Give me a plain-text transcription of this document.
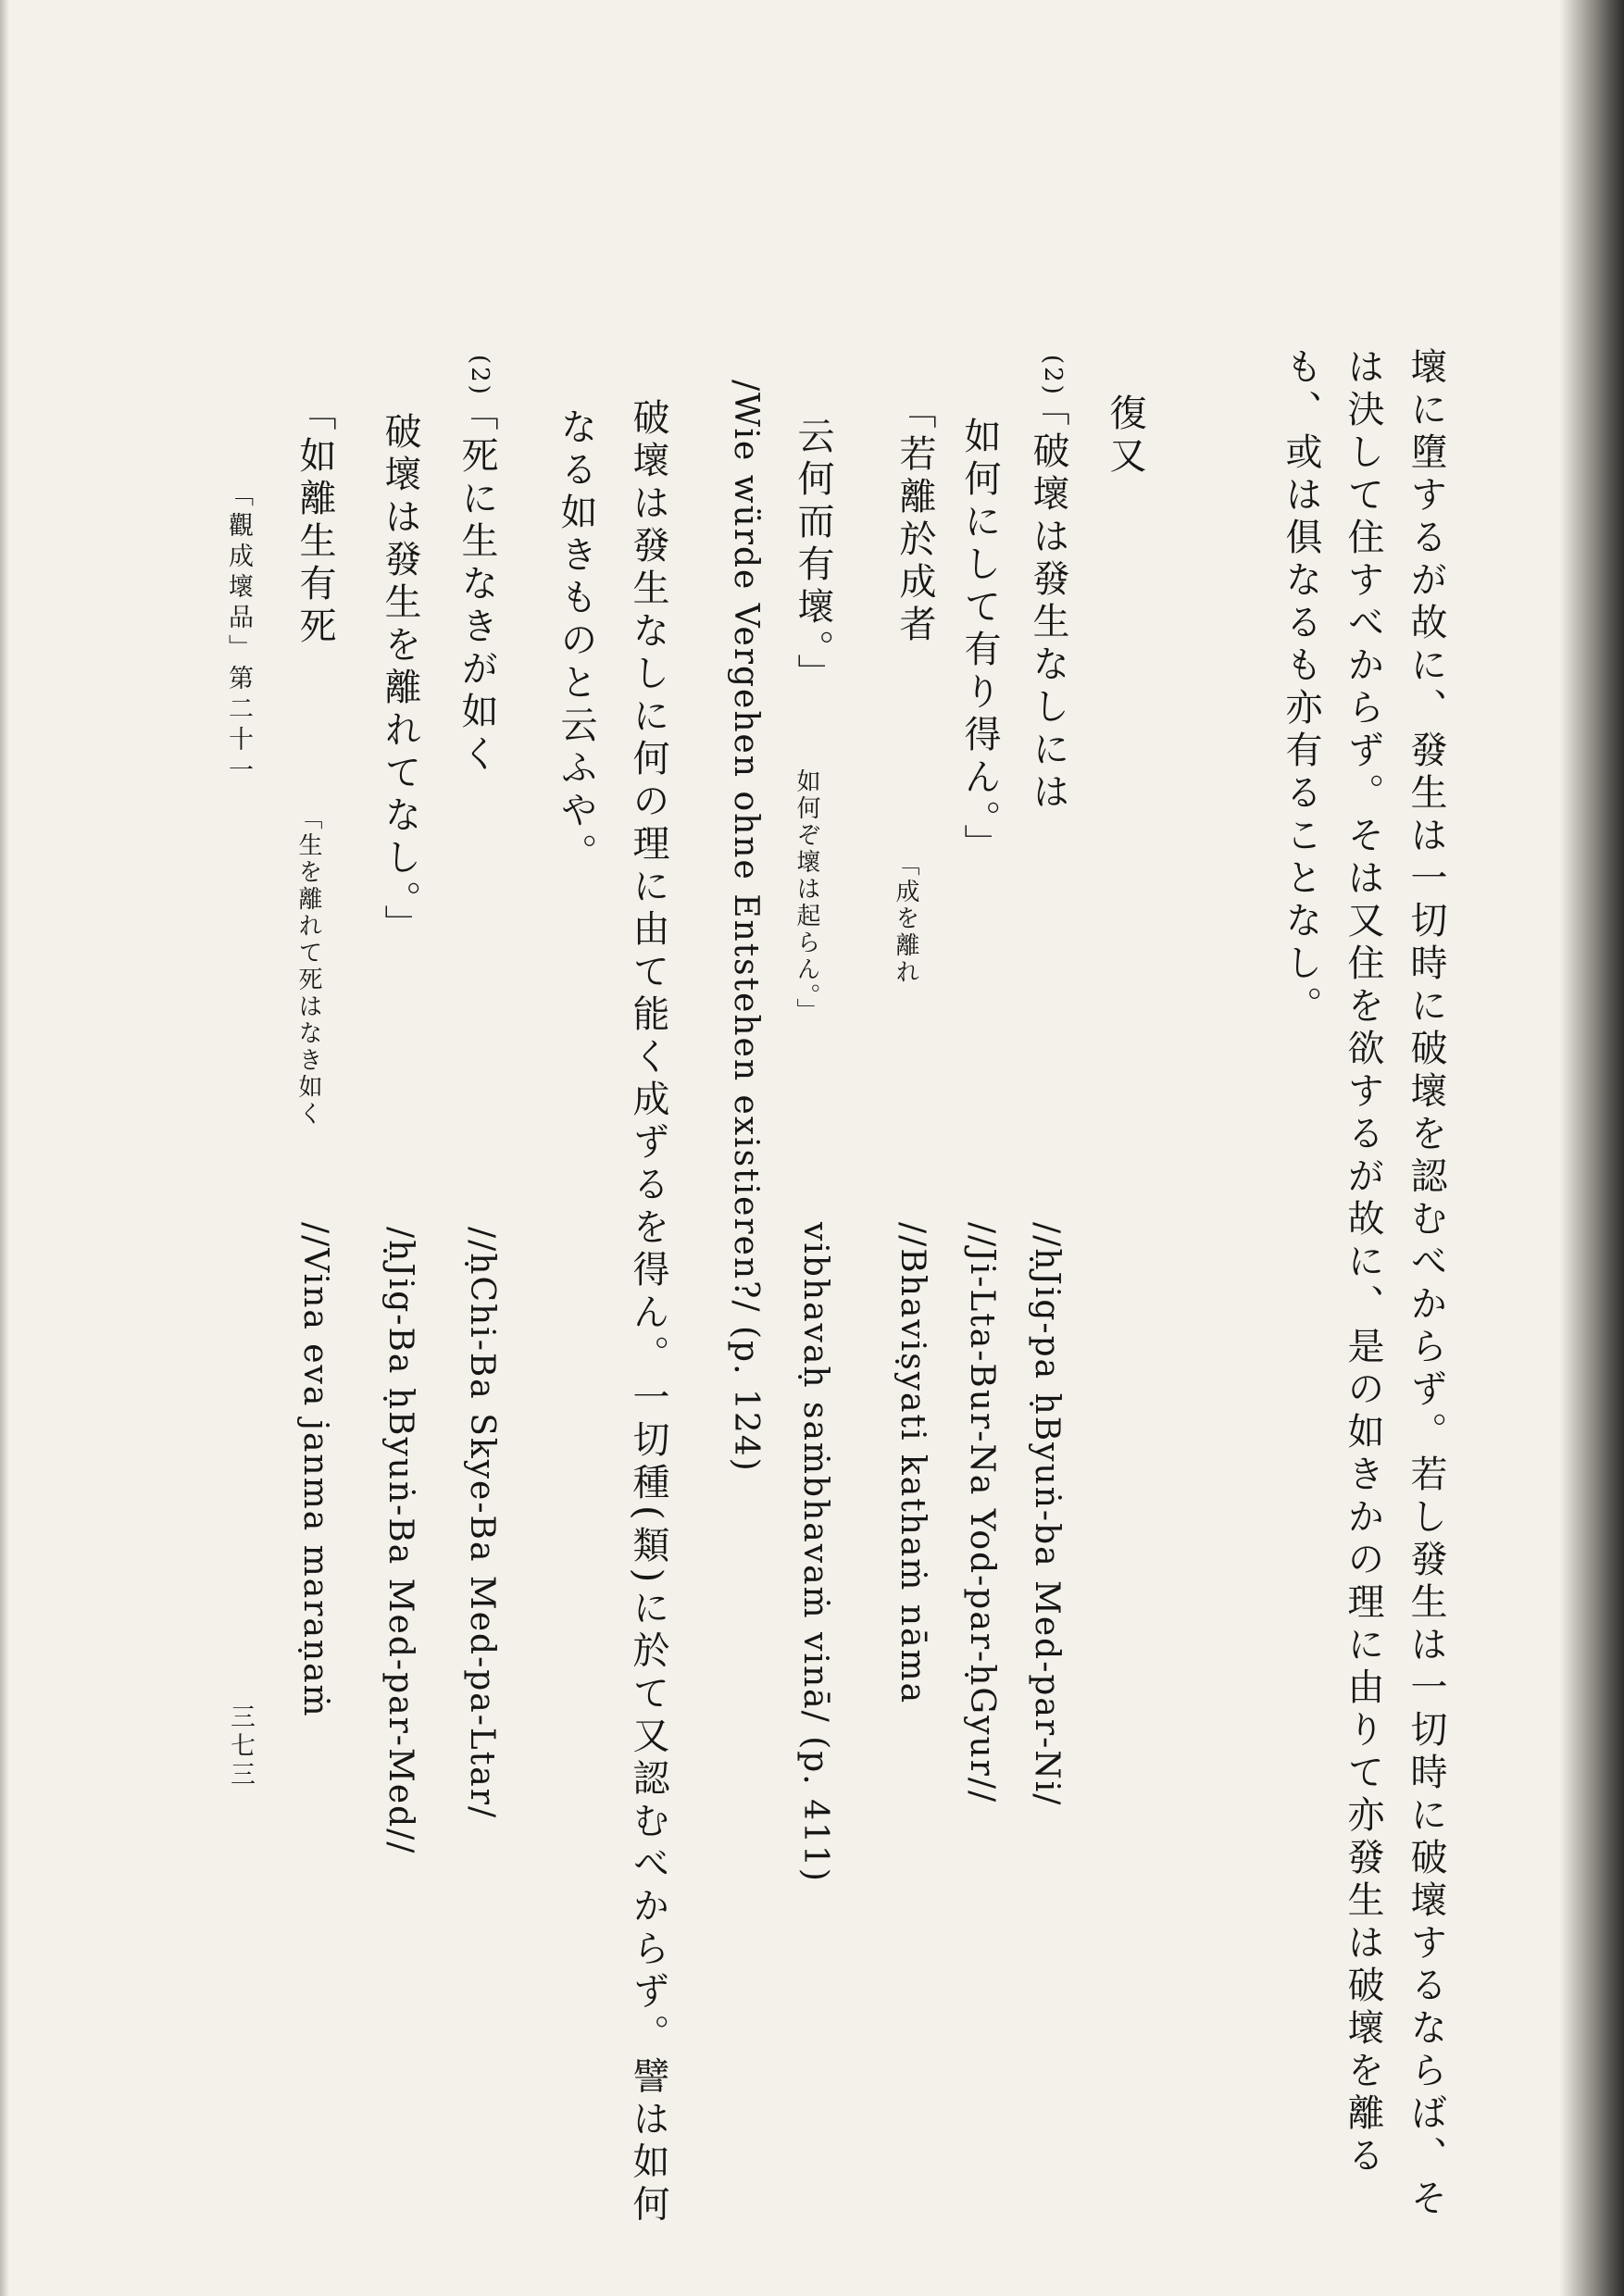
壞に墮するが故に、發生は一切時に破壞を認むべからず。若し發生は一切時に破壞するならば、そ

は決して住すべからず。そは又住を欲するが故に、是の如きかの理に由りて亦發生は破壞を離る

も、或は俱なるも亦有ることなし。

復又

(2)

「破壞は發生なしには

如何にして有り得ん。」

//ḥJig-pa ḥByuṅ-ba Med-par-Ni/

//Ji-Lta-Bur-Na Yod-par-ḥGyur//

「若離於成者

「成を離れ

//Bhaviṣyati kathaṁ nāma

云何而有壞。」

如何ぞ壞は起らん。」

vibhavaḥ saṁbhavaṁ vinā/ (p. 411)

/Wie würde Vergehen ohne Entstehen existieren?/ (p. 124)

破壞は發生なしに何の理に由て能く成ずるを得ん。一切種(類)に於て又認むべからず。譬は如何

なる如きものと云ふや。

(2)

「死に生なきが如く

破壞は發生を離れてなし。」

//ḥChi-Ba Skye-Ba Med-pa-Ltar/

/ḥJig-Ba ḥByuṅ-Ba Med-par-Med//

「如離生有死

「生を離れて死はなき如く

//Vina eva janma maraṇaṁ

「觀成壞品」第二十一
三七三
